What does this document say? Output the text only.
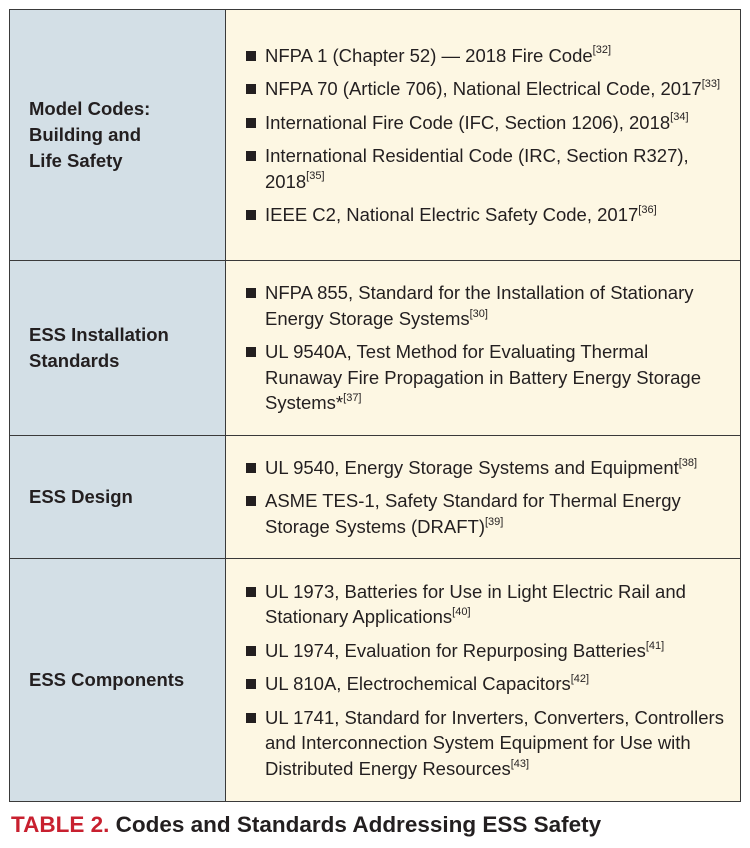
Model Codes:
Building and
Life Safety
NFPA 1 (Chapter 52) — 2018 Fire Code[32]
NFPA 70 (Article 706), National Electrical Code, 2017[33]
International Fire Code (IFC, Section 1206), 2018[34]
International Residential Code (IRC, Section R327), 2018[35]
IEEE C2, National Electric Safety Code, 2017[36]
ESS Installation
Standards
NFPA 855, Standard for the Installation of Stationary Energy Storage Systems[30]
UL 9540A, Test Method for Evaluating Thermal Runaway Fire Propagation in Battery Energy Storage Systems*[37]
ESS Design
UL 9540, Energy Storage Systems and Equipment[38]
ASME TES-1, Safety Standard for Thermal Energy Storage Systems (DRAFT)[39]
ESS Components
UL 1973, Batteries for Use in Light Electric Rail and Stationary Applications[40]
UL 1974, Evaluation for Repurposing Batteries[41]
UL 810A, Electrochemical Capacitors[42]
UL 1741, Standard for Inverters, Converters, Controllers and Interconnection System Equipment for Use with Distributed Energy Resources[43]
TABLE 2. Codes and Standards Addressing ESS Safety
